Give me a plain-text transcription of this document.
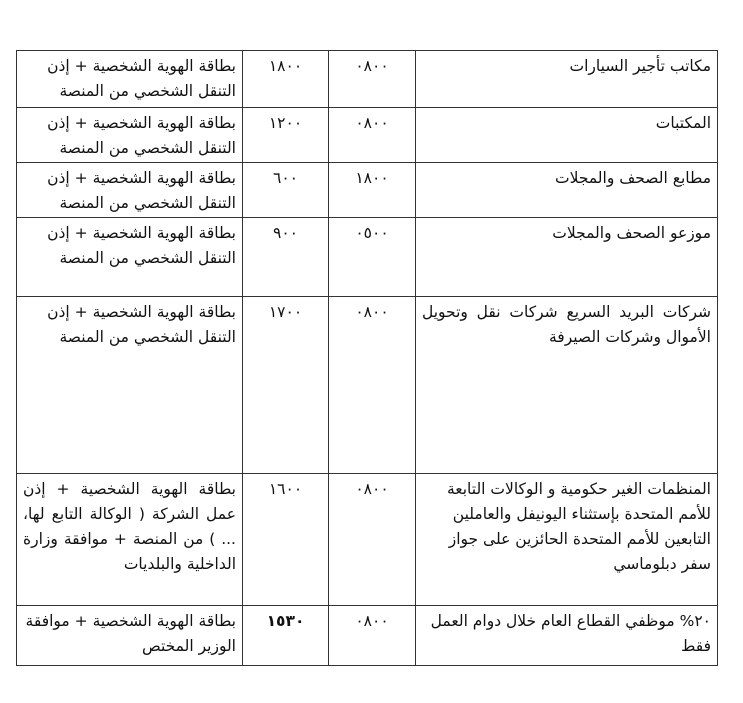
مكاتب تأجير السيارات	٠٨٠٠	١٨٠٠	بطاقة الهوية الشخصية + إذن التنقل الشخصي من المنصة
المكتبات	٠٨٠٠	١٢٠٠	بطاقة الهوية الشخصية + إذن التنقل الشخصي من المنصة
مطابع الصحف والمجلات	١٨٠٠	٦٠٠	بطاقة الهوية الشخصية + إذن التنقل الشخصي من المنصة
موزعو الصحف والمجلات	٠٥٠٠	٩٠٠	بطاقة الهوية الشخصية + إذن التنقل الشخصي من المنصة
شركات البريد السريع شركات نقل وتحويل الأموال وشركات الصيرفة	٠٨٠٠	١٧٠٠	بطاقة الهوية الشخصية + إذن التنقل الشخصي من المنصة
المنظمات الغير حكومية و الوكالات التابعة للأمم المتحدة بإستثناء اليونيفل والعاملين التابعين للأمم المتحدة الحائزين على جواز سفر دبلوماسي	٠٨٠٠	١٦٠٠	بطاقة الهوية الشخصية + إذن عمل الشركة ( الوكالة التابع لها، ... ) من المنصة + موافقة وزارة الداخلية والبلديات
٢٠% موظفي القطاع العام خلال دوام العمل فقط	٠٨٠٠	١٥٣٠	بطاقة الهوية الشخصية + موافقة الوزير المختص
